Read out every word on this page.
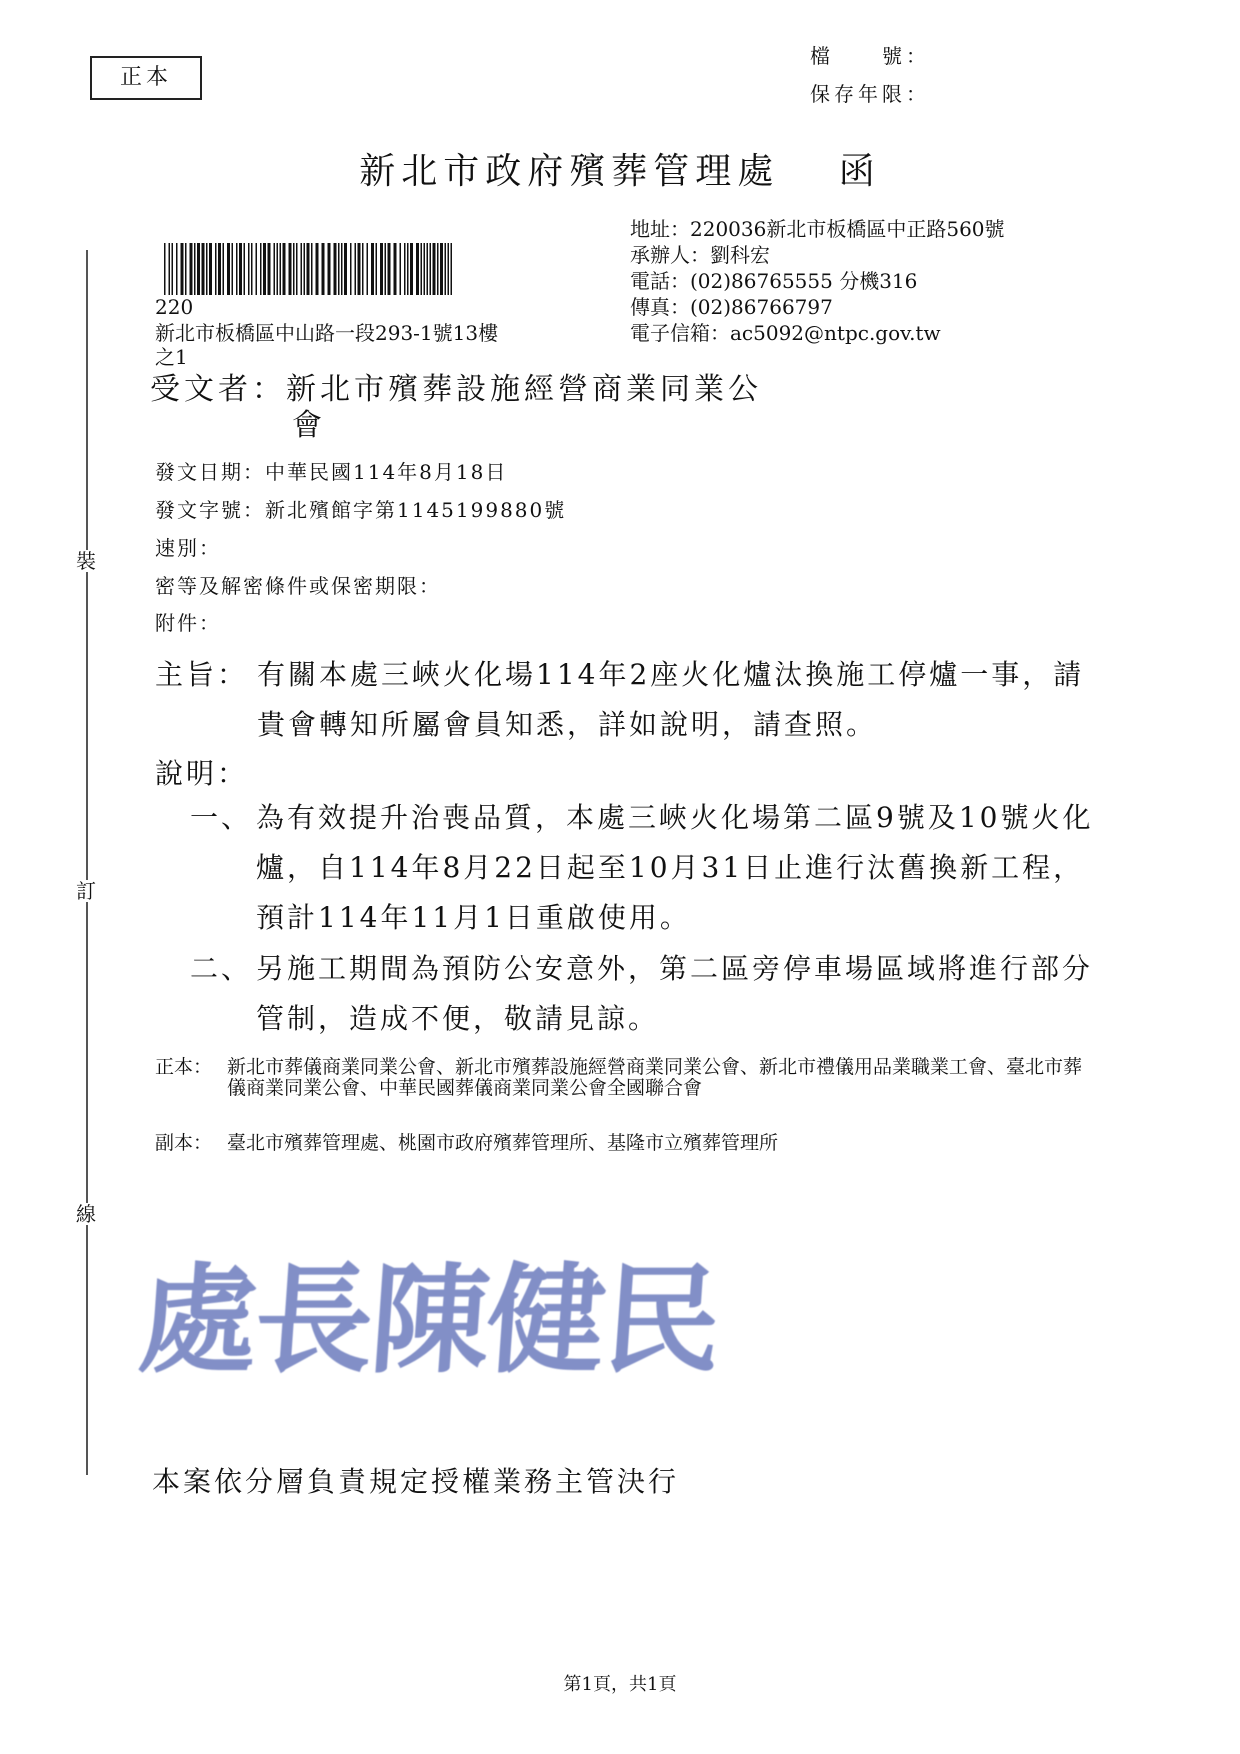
裝
訂
線
正本
檔　　號：
保存年限：
新北市政府殯葬管理處　 函
220
新北市板橋區中山路一段293-1號13樓
之1
地址：220036新北市板橋區中正路560號
承辦人：劉科宏
電話：(02)86765555 分機316
傳真：(02)86766797
電子信箱：ac5092@ntpc.gov.tw
受文者：新北市殯葬設施經營商業同業公
會
發文日期：中華民國114年8月18日
發文字號：新北殯館字第1145199880號
速別：
密等及解密條件或保密期限：
附件：
主旨： 有關本處三峽火化場114年2座火化爐汰換施工停爐一事，請貴會轉知所屬會員知悉，詳如說明，請查照。
說明：
一、 為有效提升治喪品質，本處三峽火化場第二區9號及10號火化爐，自114年8月22日起至10月31日止進行汰舊換新工程，預計114年11月1日重啟使用。
二、 另施工期間為預防公安意外，第二區旁停車場區域將進行部分管制，造成不便，敬請見諒。
正本： 新北市葬儀商業同業公會、新北市殯葬設施經營商業同業公會、新北市禮儀用品業職業工會、臺北市葬儀商業同業公會、中華民國葬儀商業同業公會全國聯合會
副本： 臺北市殯葬管理處、桃園市政府殯葬管理所、基隆市立殯葬管理所
處長陳健民
本案依分層負責規定授權業務主管決行
第1頁，共1頁
